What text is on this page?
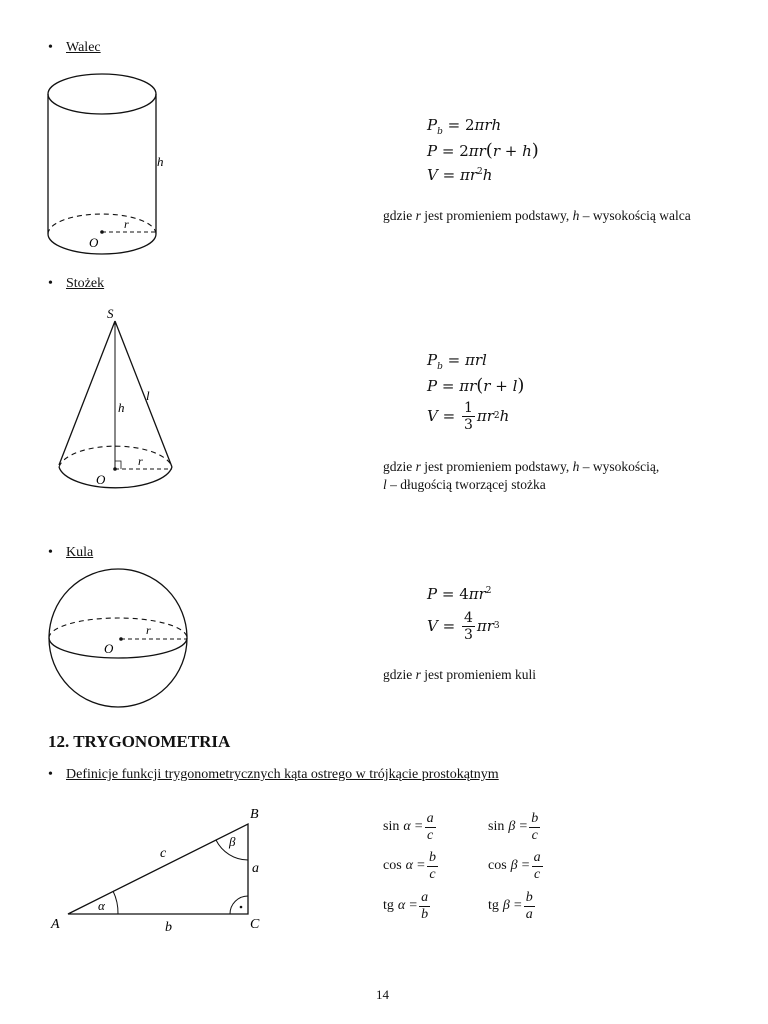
• Walec
h
r
O
$P_b = 2\pi rh$
P = 2πr(r + h)
$V = \pi r^2h$
gdzie r jest promieniem podstawy, h – wysokością walca
• Stożek
S
l
h
r
O
$P_b = \pi rl$
P = πr(r + l)
V =
$\frac{1}{3}$ π r 2 h
gdzie r jest promieniem podstawy, h – wysokością,
l – długością tworzącej stożka
• Kula
r
O
$P = 4\pi r^2$
V =
$\frac{4}{3}$ π r 3
gdzie r jest promieniem kuli
12. TRYGONOMETRIA
• Definicje funkcji trygonometrycznych kąta ostrego w trójkącie prostokątnym
A
B
C
a
b
c
α
β
$\sin \alpha = \frac{a}{c}$	$\sin \beta = \frac{b}{c}$
$\cos \alpha = \frac{b}{c}$	$\cos \beta = \frac{a}{c}$
tg $\alpha = \frac{a}{b}$	tg $\beta = \frac{b}{a}$
14
